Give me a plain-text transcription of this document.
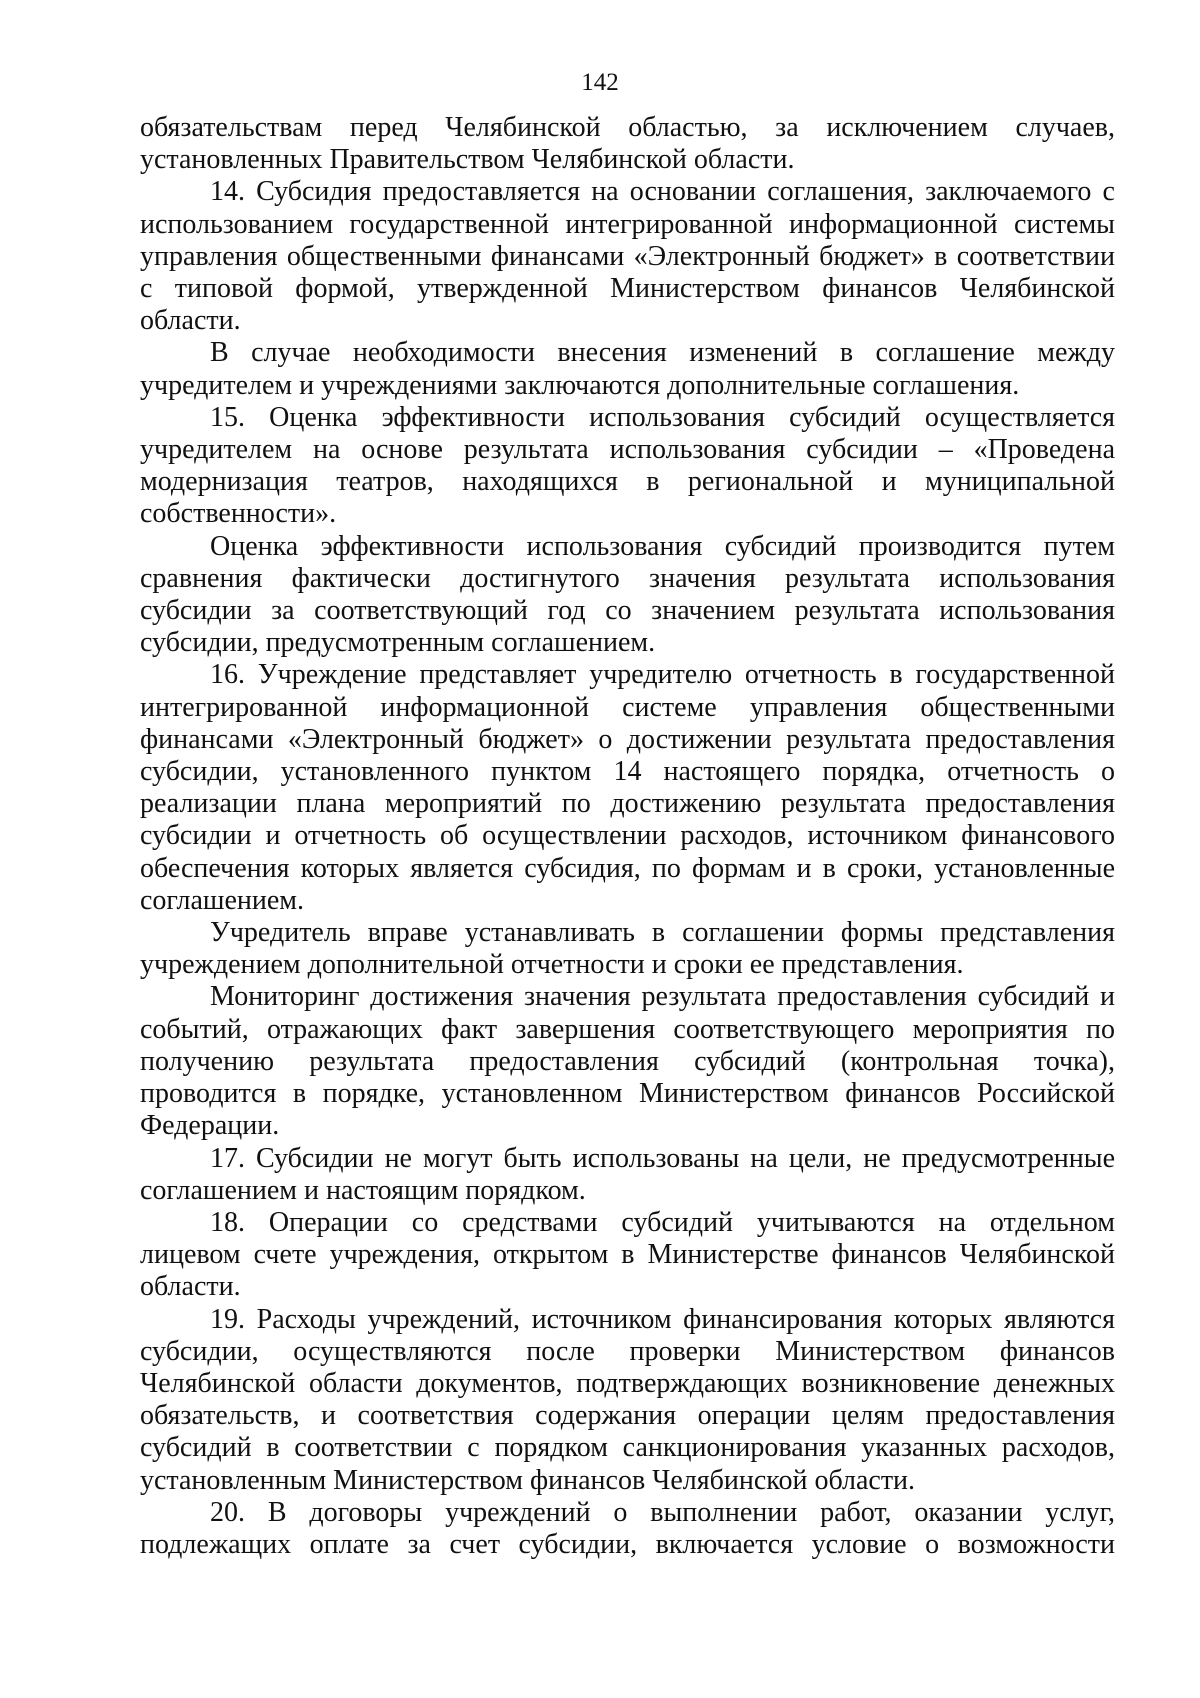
142
обязательствам перед Челябинской областью, за исключением случаев,
установленных Правительством Челябинской области.
14. Субсидия предоставляется на основании соглашения, заключаемого с
использованием государственной интегрированной информационной системы
управления общественными финансами «Электронный бюджет» в соответствии
с типовой формой, утвержденной Министерством финансов Челябинской
области.
В случае необходимости внесения изменений в соглашение между
учредителем и учреждениями заключаются дополнительные соглашения.
15. Оценка эффективности использования субсидий осуществляется
учредителем на основе результата использования субсидии – «Проведена
модернизация театров, находящихся в региональной и муниципальной
собственности».
Оценка эффективности использования субсидий производится путем
сравнения фактически достигнутого значения результата использования
субсидии за соответствующий год со значением результата использования
субсидии, предусмотренным соглашением.
16. Учреждение представляет учредителю отчетность в государственной
интегрированной информационной системе управления общественными
финансами «Электронный бюджет» о достижении результата предоставления
субсидии, установленного пунктом 14 настоящего порядка, отчетность о
реализации плана мероприятий по достижению результата предоставления
субсидии и отчетность об осуществлении расходов, источником финансового
обеспечения которых является субсидия, по формам и в сроки, установленные
соглашением.
Учредитель вправе устанавливать в соглашении формы представления
учреждением дополнительной отчетности и сроки ее представления.
Мониторинг достижения значения результата предоставления субсидий и
событий, отражающих факт завершения соответствующего мероприятия по
получению результата предоставления субсидий (контрольная точка),
проводится в порядке, установленном Министерством финансов Российской
Федерации.
17. Субсидии не могут быть использованы на цели, не предусмотренные
соглашением и настоящим порядком.
18. Операции со средствами субсидий учитываются на отдельном
лицевом счете учреждения, открытом в Министерстве финансов Челябинской
области.
19. Расходы учреждений, источником финансирования которых являются
субсидии, осуществляются после проверки Министерством финансов
Челябинской области документов, подтверждающих возникновение денежных
обязательств, и соответствия содержания операции целям предоставления
субсидий в соответствии с порядком санкционирования указанных расходов,
установленным Министерством финансов Челябинской области.
20. В договоры учреждений о выполнении работ, оказании услуг,
подлежащих оплате за счет субсидии, включается условие о возможности
